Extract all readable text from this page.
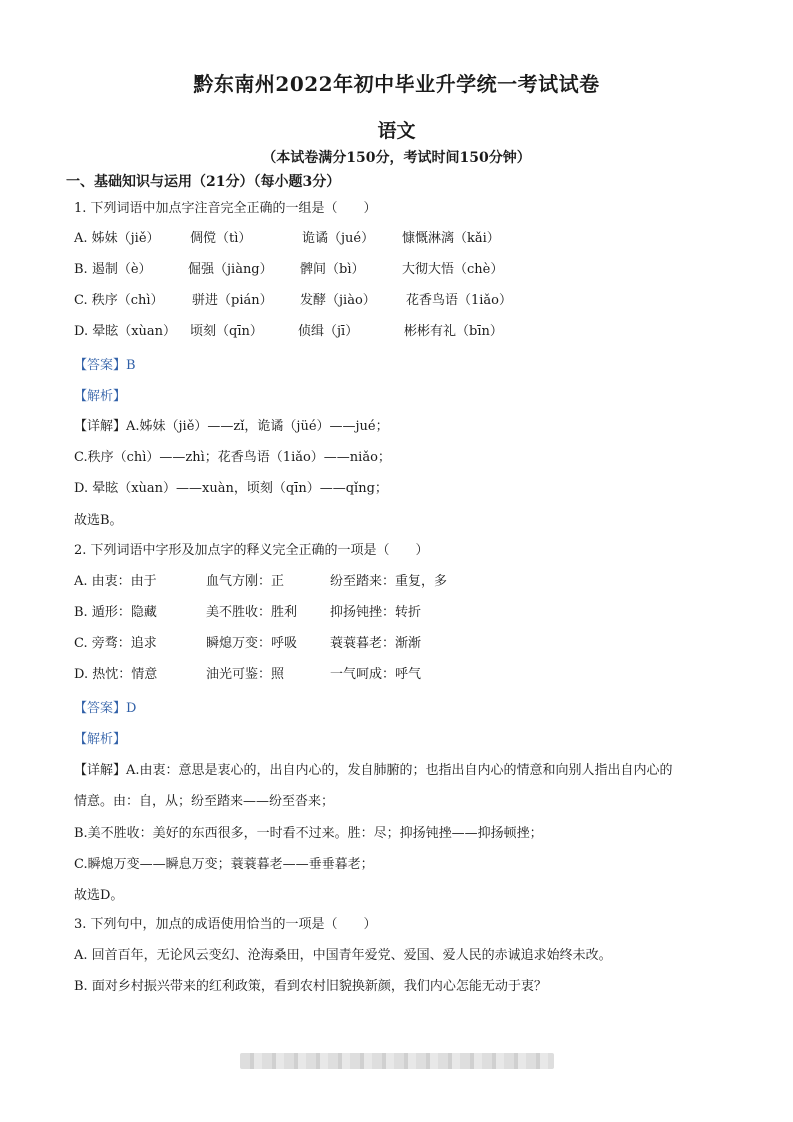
黔东南州2022年初中毕业升学统一考试试卷
语文
（本试卷满分150分，考试时间150分钟）
一、基础知识与运用（21分）（每小题3分）
1. 下列词语中加点字注音完全正确的一组是（　　）
A. 姊妹（jiě） 倜傥（tì）	诡谲（jué） 慷慨淋漓（kǎi）
B. 遏制（è）	倔强（jiàng） 髀间（bì）	大彻大悟（chè）
C. 秩序（chì） 骈进（pián） 发酵（jiào） 花香鸟语（1iǎo）
D. 晕眩（xùan） 顷刻（qīn）	侦缉（jī）	彬彬有礼（bīn）
【答案】B
【解析】
【详解】A.姊妹（jiě）——zǐ，诡谲（jüé）——jué；
C.秩序（chì）——zhì；花香鸟语（1iǎo）——niǎo；
D. 晕眩（xùan）——xuàn，顷刻（qīn）——qǐng；
故选B。
2. 下列词语中字形及加点字的释义完全正确的一项是（　　）
A. 由衷：由于	血气方刚：正	纷至踏来：重复，多
B. 遁形：隐藏	美不胜收：胜利	抑扬钝挫：转折
C. 旁骛：追求	瞬熄万变：呼吸	蓑蓑暮老：渐渐
D. 热忱：情意	油光可鉴：照	一气呵成：呼气
【答案】D
【解析】
【详解】A.由衷：意思是衷心的，出自内心的，发自肺腑的；也指出自内心的情意和向别人指出自内心的
情意。由：自，从；纷至踏来——纷至沓来；
B.美不胜收：美好的东西很多，一时看不过来。胜：尽；抑扬钝挫——抑扬顿挫；
C.瞬熄万变——瞬息万变；蓑蓑暮老——垂垂暮老；
故选D。
3. 下列句中，加点的成语使用恰当的一项是（　　）
A. 回首百年，无论风云变幻、沧海桑田，中国青年爱党、爱国、爱人民的赤诚追求始终未改。
B. 面对乡村振兴带来的红利政策，看到农村旧貌换新颜，我们内心怎能无动于衷？
